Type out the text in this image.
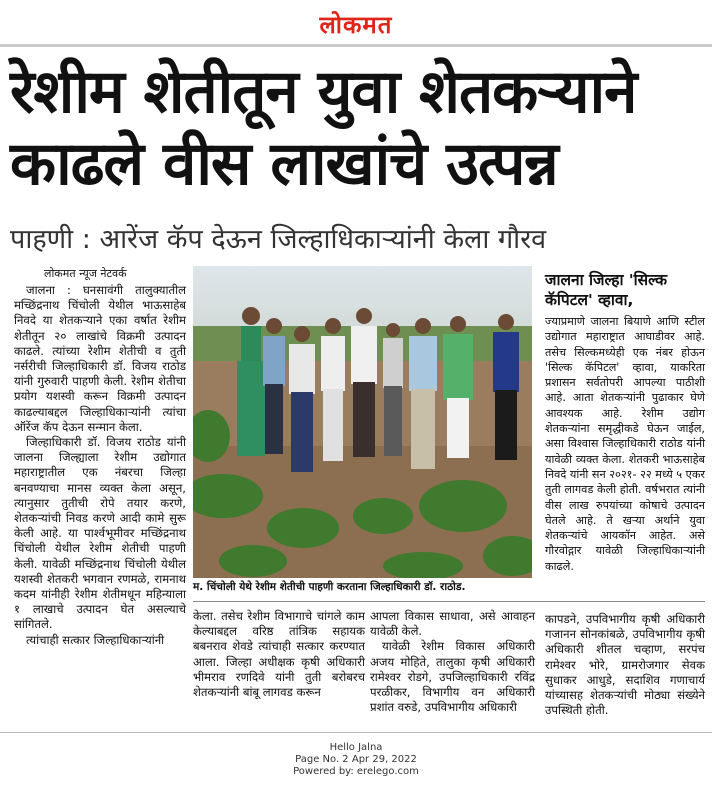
लोकमत
रेशीम शेतीतून युवा शेतकऱ्याने
काढले वीस लाखांचे उत्पन्न
पाहणी : आरेंज कॅप देऊन जिल्हाधिकाऱ्यांनी केला गौरव
लोकमत न्यूज नेटवर्क

जालना : घनसावंगी तालुक्यातील मच्छिंद्रनाथ चिंचोली येथील भाऊसाहेब निवदे या शेतकऱ्याने एका वर्षात रेशीम शेतीतून २० लाखांचे विक्रमी उत्पादन काढले. त्यांच्या रेशीम शेतीची व तुती नर्सरीची जिल्हाधिकारी डॉ. विजय राठोड यांनी गुरुवारी पाहणी केली. रेशीम शेतीचा प्रयोग यशस्वी करून विक्रमी उत्पादन काढल्याबद्दल जिल्हाधिकाऱ्यांनी त्यांचा ऑरेंज कॅप देऊन सन्मान केला.

जिल्हाधिकारी डॉ. विजय राठोड यांनी जालना जिल्ह्याला रेशीम उद्योगात महाराष्ट्रातील एक नंबरचा जिल्हा बनवण्याचा मानस व्यक्त केला असून, त्यानुसार तुतीची रोपे तयार करणे, शेतकऱ्यांची निवड करणे आदी कामे सुरू केली आहे. या पार्श्वभूमीवर मच्छिंद्रनाथ चिंचोली येथील रेशीम शेतीची पाहणी केली. यावेळी मच्छिंद्रनाथ चिंचोली येथील यशस्वी शेतकरी भगवान रणमळे, रामनाथ कदम यांनीही रेशीम शेतीमधून महिन्याला १ लाखाचे उत्पादन घेत असल्याचे सांगितले.

त्यांचाही सत्कार जिल्हाधिकाऱ्यांनी

म. चिंचोली येथे रेशीम शेतीची पाहणी करताना जिल्हाधिकारी डॉ. राठोड.
जालना जिल्हा 'सिल्क कॅपिटल' व्हावा,

ज्याप्रमाणे जालना बियाणे आणि स्टील उद्योगात महाराष्ट्रात आघाडीवर आहे. तसेच सिल्कमध्येही एक नंबर होऊन 'सिल्क कॅपिटल' व्हावा, याकरिता प्रशासन सर्वतोपरी आपल्या पाठीशी आहे. आता शेतकऱ्यांनी पुढाकार घेणे आवश्यक आहे. रेशीम उद्योग शेतकऱ्यांना समृद्धीकडे घेऊन जाईल, असा विश्वास जिल्हाधिकारी राठोड यांनी यावेळी व्यक्त केला. शेतकरी भाऊसाहेब निवदे यांनी सन २०२१- २२ मध्ये ५ एकर तुती लागवड केली होती. वर्षभरात त्यांनी वीस लाख रुपयांच्या कोषाचे उत्पादन घेतले आहे. ते खऱ्या अर्थाने युवा शेतकऱ्यांचे आयकॉन आहेत. असे गौरवोद्गार यावेळी जिल्हाधिकाऱ्यांनी काढले.

केला. तसेच रेशीम विभागाचे चांगले काम केल्याबद्दल वरिष्ठ तांत्रिक सहायक बबनराव शेवडे त्यांचाही सत्कार करण्यात आला. जिल्हा अधीक्षक कृषी अधिकारी भीमराव रणदिवे यांनी तुती बरोबरच शेतकऱ्यांनी बांबू लागवड करून

आपला विकास साधावा, असे आवाहन यावेळी केले.

यावेळी रेशीम विकास अधिकारी अजय मोहिते, तालुका कृषी अधिकारी रामेश्वर रोडगे, उपजिल्हाधिकारी रविंद्र परळीकर, विभागीय वन अधिकारी प्रशांत वरुडे, उपविभागीय अधिकारी

कापडने, उपविभागीय कृषी अधिकारी गजानन सोनकांबळे, उपविभागीय कृषी अधिकारी शीतल चव्हाण, सरपंच रामेश्वर भोरे, ग्रामरोजगार सेवक सुधाकर आधुडे, सदाशिव गणाचार्य यांच्यासह शेतकऱ्यांची मोठ्या संख्येने उपस्थिती होती.

Hello Jalna
Page No. 2 Apr 29, 2022
Powered by: erelego.com
